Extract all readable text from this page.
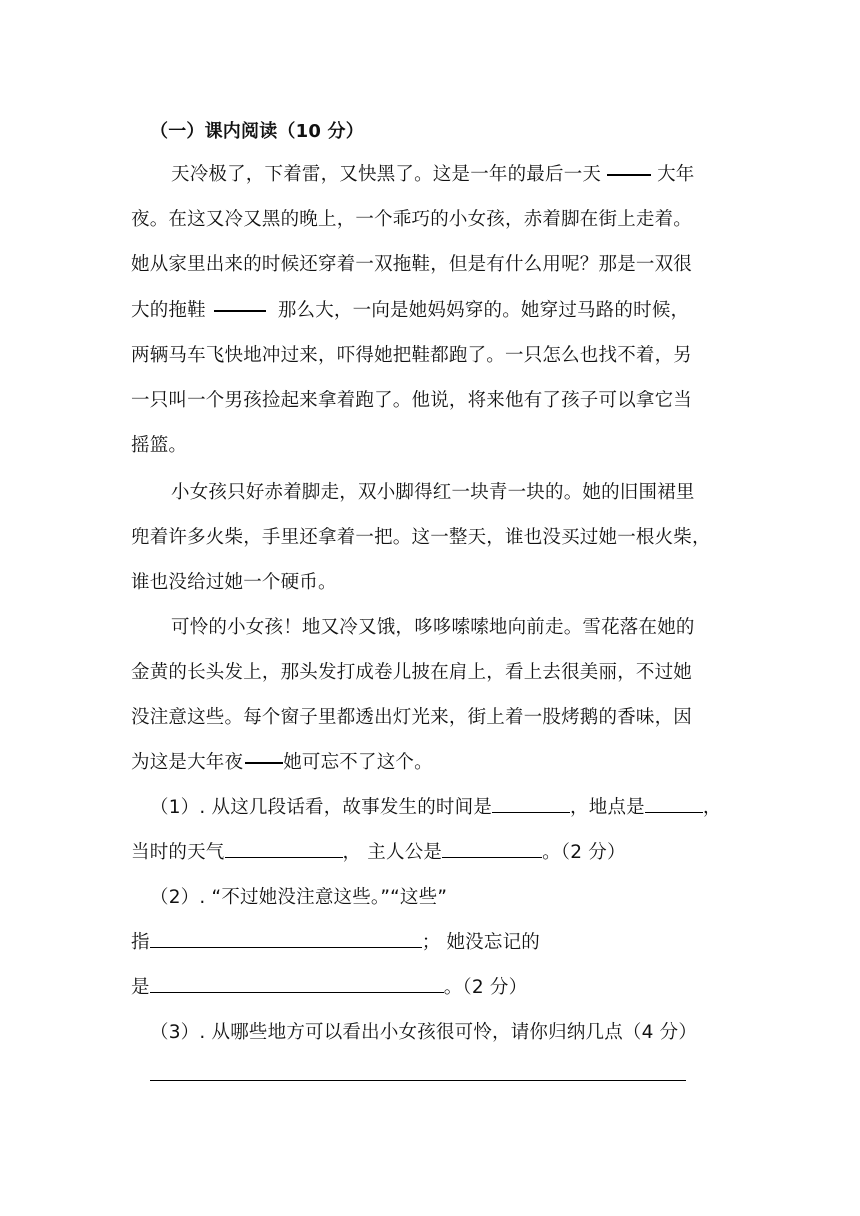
（一）课内阅读（10 分）
天冷极了，下着雷，又快黑了。这是一年的最后一天	大年
夜。在这又冷又黑的晚上，一个乖巧的小女孩，赤着脚在街上走着。
她从家里出来的时候还穿着一双拖鞋，但是有什么用呢？那是一双很
大的拖鞋	那么大，一向是她妈妈穿的。她穿过马路的时候，
两辆马车飞快地冲过来，吓得她把鞋都跑了。一只怎么也找不着，另
一只叫一个男孩捡起来拿着跑了。他说，将来他有了孩子可以拿它当
摇篮。
小女孩只好赤着脚走，双小脚得红一块青一块的。她的旧围裙里
兜着许多火柴，手里还拿着一把。这一整天，谁也没买过她一根火柴，
谁也没给过她一个硬币。
可怜的小女孩！地又冷又饿，哆哆嗦嗦地向前走。雪花落在她的
金黄的长头发上，那头发打成卷儿披在肩上，看上去很美丽，不过她
没注意这些。每个窗子里都透出灯光来，街上着一股烤鹅的香味，因
为这是大年夜 她可忘不了这个。
（1）. 从这几段话看，故事发生的时间是	，地点是	，
当时的天气	， 主人公是	。（2 分）
（2）. “不过她没注意这些。”“这些”
指	； 她没忘记的
是	。（2 分）
（3）. 从哪些地方可以看出小女孩很可怜，请你归纳几点（4 分）
